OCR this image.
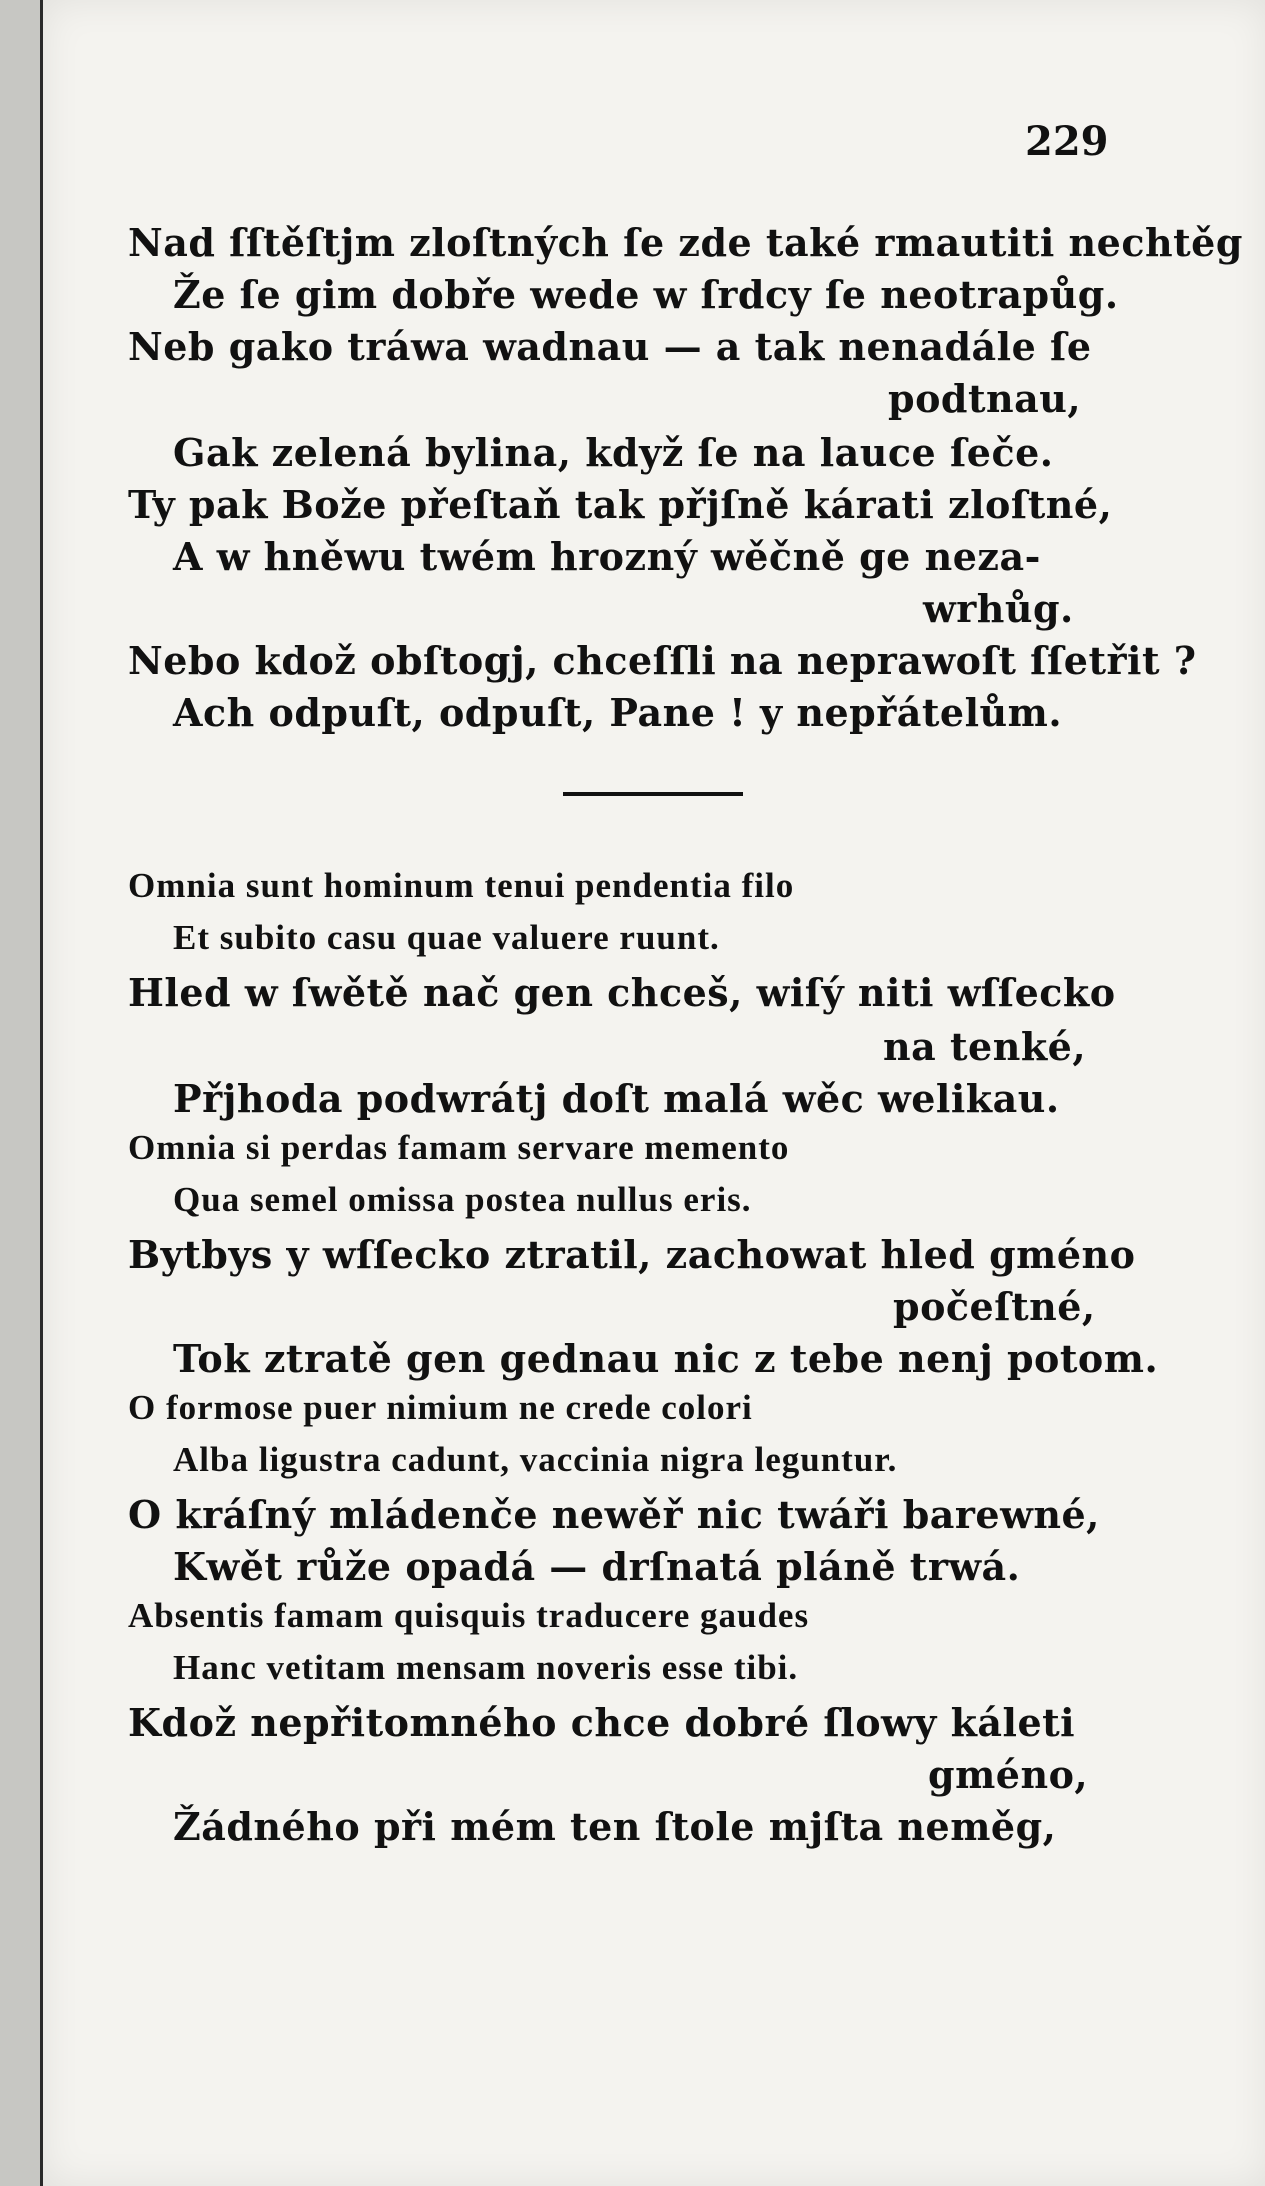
229
Nad ſſtěſtjm zloſtných ſe zde také rmautiti nechtěg
Že ſe gim dobře wede w ſrdcy ſe neotrapůg.
Neb gako tráwa wadnau — a tak nenadále ſe
podtnau,
Gak zelená bylina, když ſe na lauce ſeče.
Ty pak Bože přeſtaň tak přjſně kárati zloſtné,
A w hněwu twém hrozný wěčně ge neza-
wrhůg.
Nebo kdož obſtogj, chceſſli na neprawoſt ſſetřit ?
Ach odpuſt, odpuſt, Pane ! y nepřátelům.
Omnia sunt hominum tenui pendentia filo
Et subito casu quae valuere ruunt.
Hled w ſwětě nač gen chceš, wiſý niti wſſecko
na tenké,
Přjhoda podwrátj doſt malá wěc welikau.
Omnia si perdas famam servare memento
Qua semel omissa postea nullus eris.
Bytbys y wſſecko ztratil, zachowat hled gméno
počeſtné,
Tok ztratě gen gednau nic z tebe nenj potom.
O formose puer nimium ne crede colori
Alba ligustra cadunt, vaccinia nigra leguntur.
O kráſný mládenče newěř nic twáři barewné,
Kwět růže opadá — drſnatá pláně trwá.
Absentis famam quisquis traducere gaudes
Hanc vetitam mensam noveris esse tibi.
Kdož nepřitomného chce dobré ſlowy káleti
gméno,
Žádného při mém ten ſtole mjſta neměg,
